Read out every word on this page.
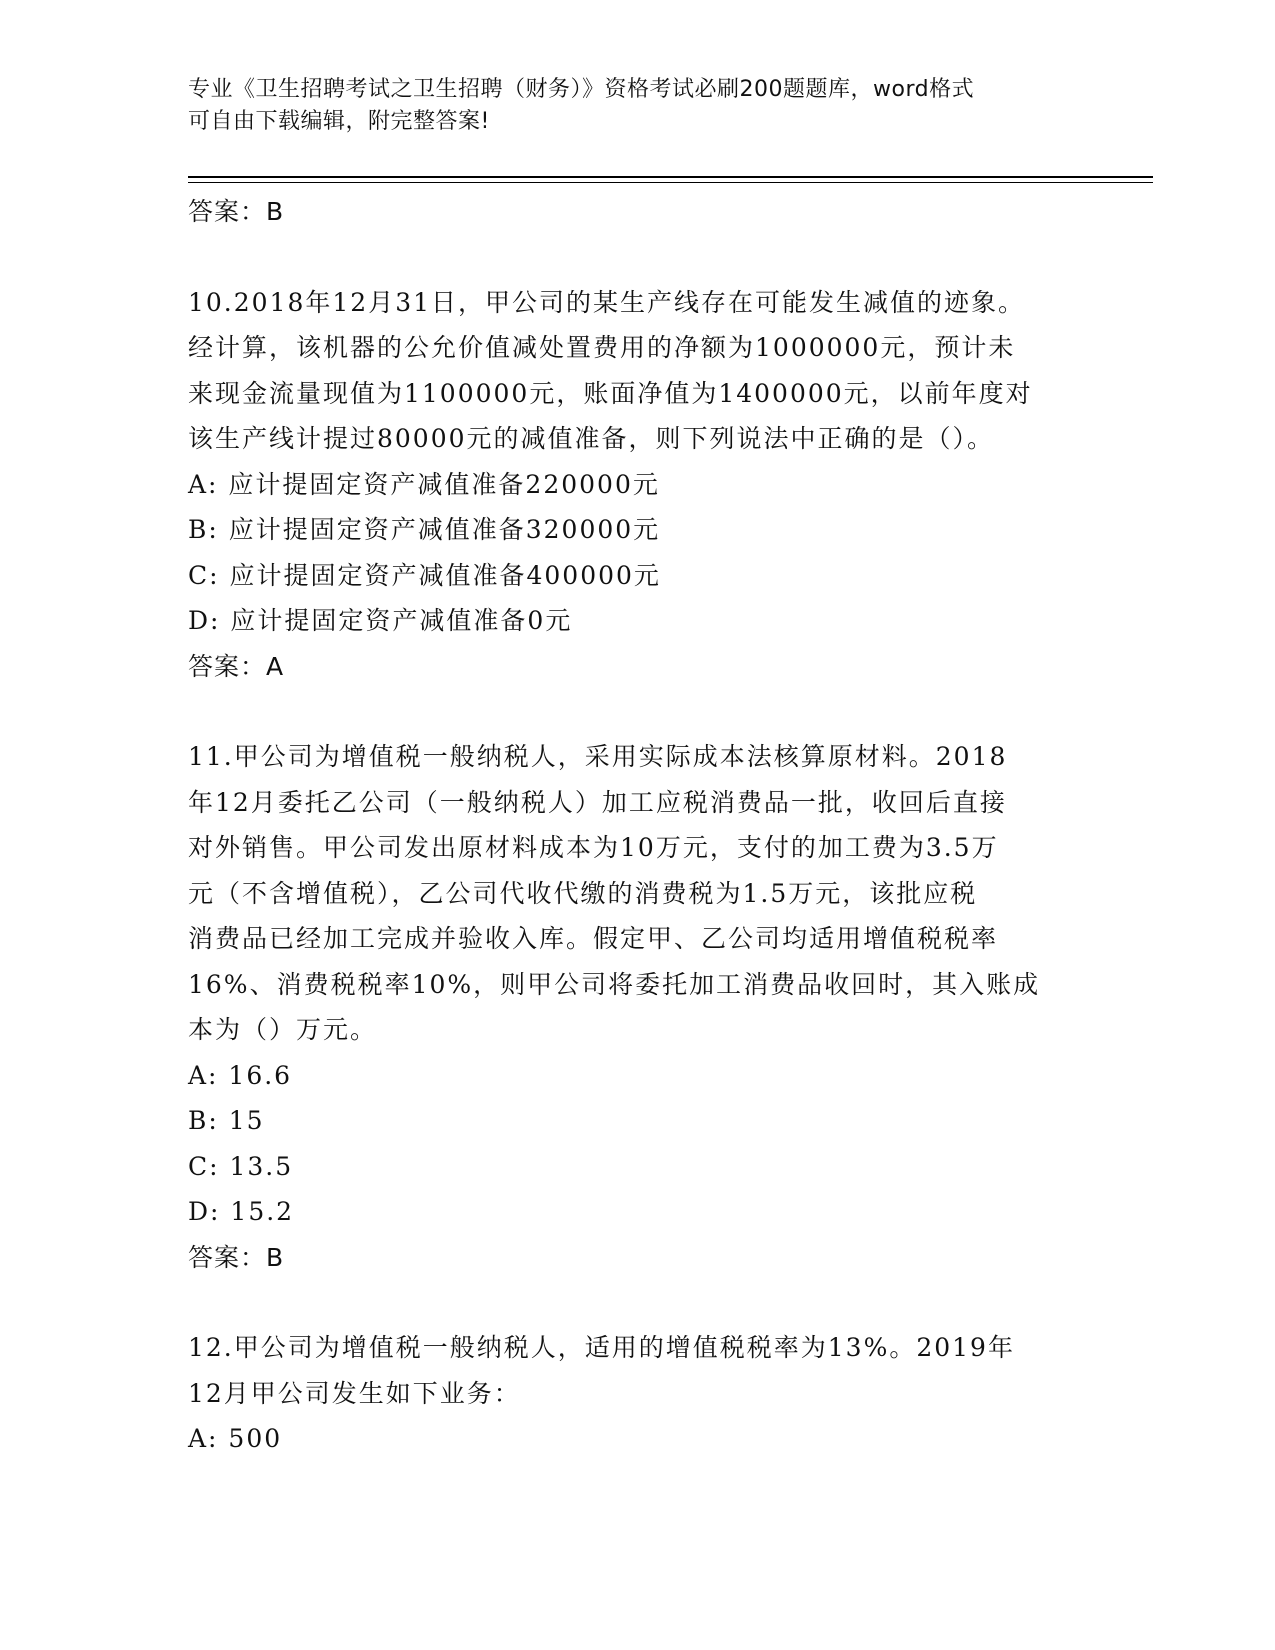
专业《卫生招聘考试之卫生招聘（财务）》资格考试必刷200题题库，word格式
可自由下载编辑，附完整答案!
答案：B
10.2018年12月31日，甲公司的某生产线存在可能发生减值的迹象。
经计算，该机器的公允价值减处置费用的净额为1000000元，预计未
来现金流量现值为1100000元，账面净值为1400000元，以前年度对
该生产线计提过80000元的减值准备，则下列说法中正确的是（）。
A: 应计提固定资产减值准备220000元
B: 应计提固定资产减值准备320000元
C: 应计提固定资产减值准备400000元
D: 应计提固定资产减值准备0元
答案：A
11.甲公司为增值税一般纳税人，采用实际成本法核算原材料。2018
年12月委托乙公司（一般纳税人）加工应税消费品一批，收回后直接
对外销售。甲公司发出原材料成本为10万元，支付的加工费为3.5万
元（不含增值税），乙公司代收代缴的消费税为1.5万元，该批应税
消费品已经加工完成并验收入库。假定甲、乙公司均适用增值税税率
16%、消费税税率10%，则甲公司将委托加工消费品收回时，其入账成
本为（）万元。
A: 16.6
B: 15
C: 13.5
D: 15.2
答案：B
12.甲公司为增值税一般纳税人，适用的增值税税率为13%。2019年
12月甲公司发生如下业务：
A: 500
